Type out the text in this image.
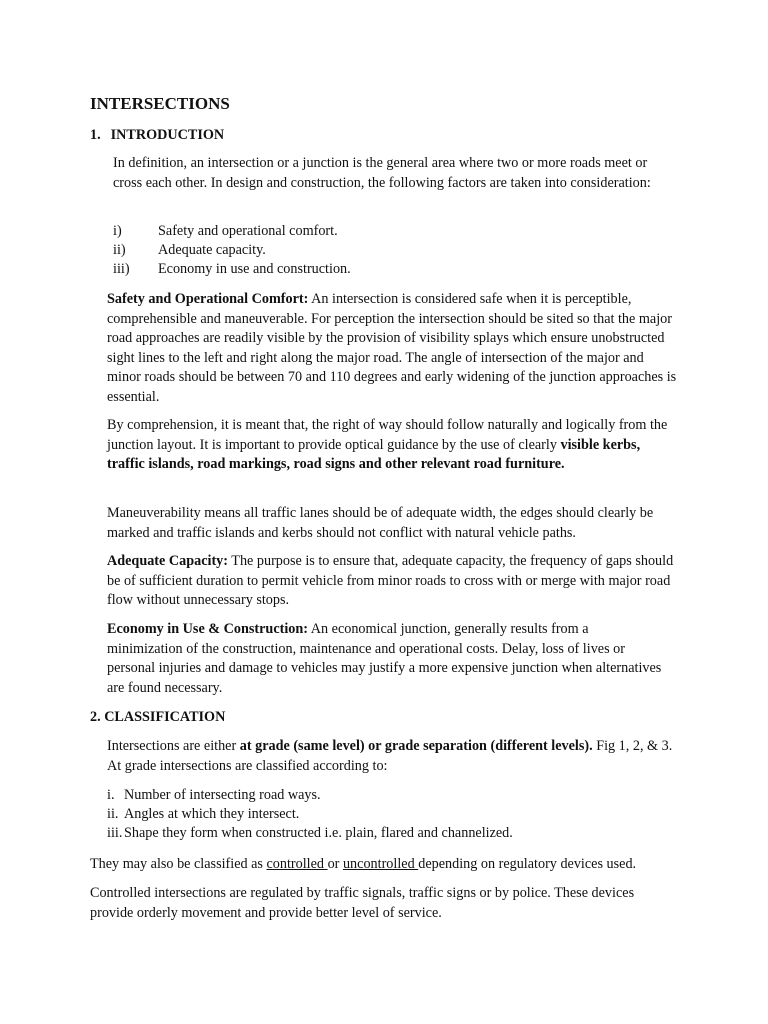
INTERSECTIONS
1. INTRODUCTION

In definition, an intersection or a junction is the general area where two or more roads meet or cross each other. In design and construction, the following factors are taken into consideration:

i)	Safety and operational comfort.
ii)	Adequate capacity.
iii)	Economy in use and construction.

Safety and Operational Comfort: An intersection is considered safe when it is perceptible, comprehensible and maneuverable. For perception the intersection should be sited so that the major road approaches are readily visible by the provision of visibility splays which ensure unobstructed sight lines to the left and right along the major road. The angle of intersection of the major and minor roads should be between 70 and 110 degrees and early widening of the junction approaches is essential.

By comprehension, it is meant that, the right of way should follow naturally and logically from the junction layout. It is important to provide optical guidance by the use of clearly visible kerbs, traffic islands, road markings, road signs and other relevant road furniture.

Maneuverability means all traffic lanes should be of adequate width, the edges should clearly be marked and traffic islands and kerbs should not conflict with natural vehicle paths.

Adequate Capacity: The purpose is to ensure that, adequate capacity, the frequency of gaps should be of sufficient duration to permit vehicle from minor roads to cross with or merge with major road flow without unnecessary stops.

Economy in Use & Construction: An economical junction, generally results from a minimization of the construction, maintenance and operational costs. Delay, loss of lives or personal injuries and damage to vehicles may justify a more expensive junction when alternatives are found necessary.

2. CLASSIFICATION

Intersections are either at grade (same level) or grade separation (different levels). Fig 1, 2, & 3. At grade intersections are classified according to:

i. Number of intersecting road ways.
ii. Angles at which they intersect.
iii. Shape they form when constructed i.e. plain, flared and channelized.

They may also be classified as controlled or uncontrolled depending on regulatory devices used.

Controlled intersections are regulated by traffic signals, traffic signs or by police. These devices provide orderly movement and provide better level of service.
